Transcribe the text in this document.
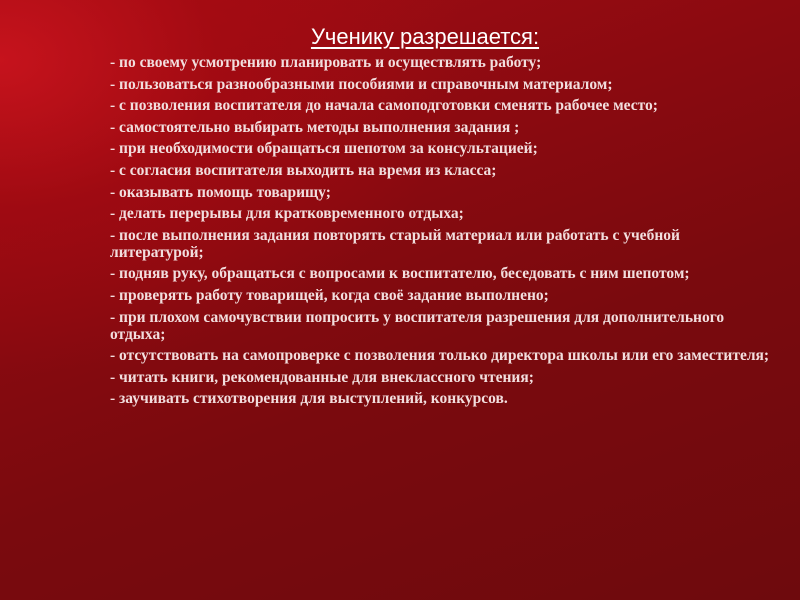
Ученику разрешается:
- по своему усмотрению планировать и осуществлять работу;
- пользоваться разнообразными пособиями и справочным материалом;
- с позволения воспитателя до начала самоподготовки сменять рабочее место;
- самостоятельно выбирать методы выполнения задания ;
- при необходимости обращаться шепотом за консультацией;
- с согласия воспитателя выходить на время из класса;
- оказывать помощь товарищу;
- делать перерывы для кратковременного отдыха;
- после выполнения задания повторять старый материал или работать с учебной литературой;
- подняв руку, обращаться с вопросами к воспитателю, беседовать с ним шепотом;
- проверять работу товарищей, когда своё задание выполнено;
- при плохом самочувствии попросить у воспитателя разрешения для дополнительного отдыха;
- отсутствовать на самопроверке с позволения только директора школы или его заместителя;
- читать книги, рекомендованные для внеклассного чтения;
- заучивать стихотворения для выступлений, конкурсов.
